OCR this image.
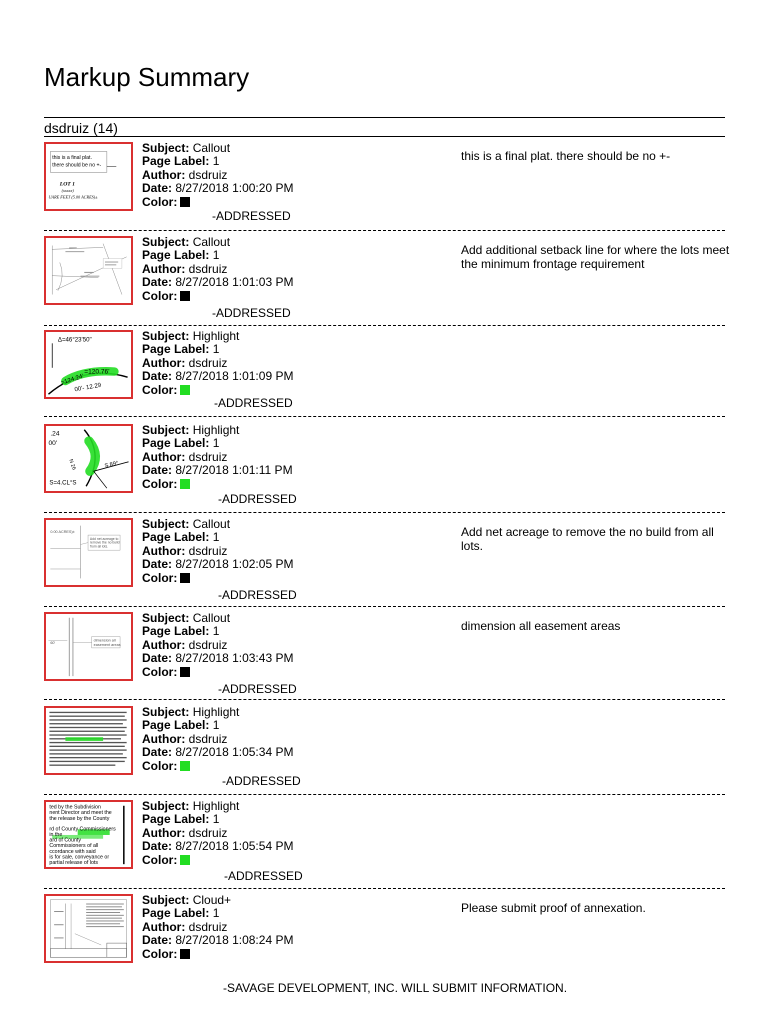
Markup Summary
dsdruiz (14)
this is a final plat.
there should be no +-
LOT 1
(xxxxx)
UARE FEET (5.00 ACRES)±
Subject: Callout
Page Label: 1
Author: dsdruiz
Date: 8/27/2018 1:00:20 PM
Color:
this is a final plat. there should be no +-
-ADDRESSED
Subject: Callout
Page Label: 1
Author: dsdruiz
Date: 8/27/2018 1:01:03 PM
Color:
Add additional setback line for where the lots meet the minimum frontage requirement
-ADDRESSED
Δ=46°23'50"
=120.76'
=124.24'
00'- 12.29
Subject: Highlight
Page Label: 1
Author: dsdruiz
Date: 8/27/2018 1:01:09 PM
Color:
-ADDRESSED
.24
00'
S 89°
S=4.CL°S
N 26
Subject: Highlight
Page Label: 1
Author: dsdruiz
Date: 8/27/2018 1:01:11 PM
Color:
-ADDRESSED
0.00 ACRES)±
Add net acreage to
remove the no build
from all lots.
Subject: Callout
Page Label: 1
Author: dsdruiz
Date: 8/27/2018 1:02:05 PM
Color:
Add net acreage to remove the no build from all lots.
-ADDRESSED
60'
dimension all
easement areas
Subject: Callout
Page Label: 1
Author: dsdruiz
Date: 8/27/2018 1:03:43 PM
Color:
dimension all easement areas
-ADDRESSED
Subject: Highlight
Page Label: 1
Author: dsdruiz
Date: 8/27/2018 1:05:34 PM
Color:
-ADDRESSED
ted by the Subdivision
nent Director and meet the
the release by the County
rd of County Commissioners
in the
ard of County
Commissioners of all
ccordance with said
is for sale, conveyance or
partial release of lots
Subject: Highlight
Page Label: 1
Author: dsdruiz
Date: 8/27/2018 1:05:54 PM
Color:
-ADDRESSED
Subject: Cloud+
Page Label: 1
Author: dsdruiz
Date: 8/27/2018 1:08:24 PM
Color:
Please submit proof of annexation.
-SAVAGE DEVELOPMENT, INC. WILL SUBMIT INFORMATION.
